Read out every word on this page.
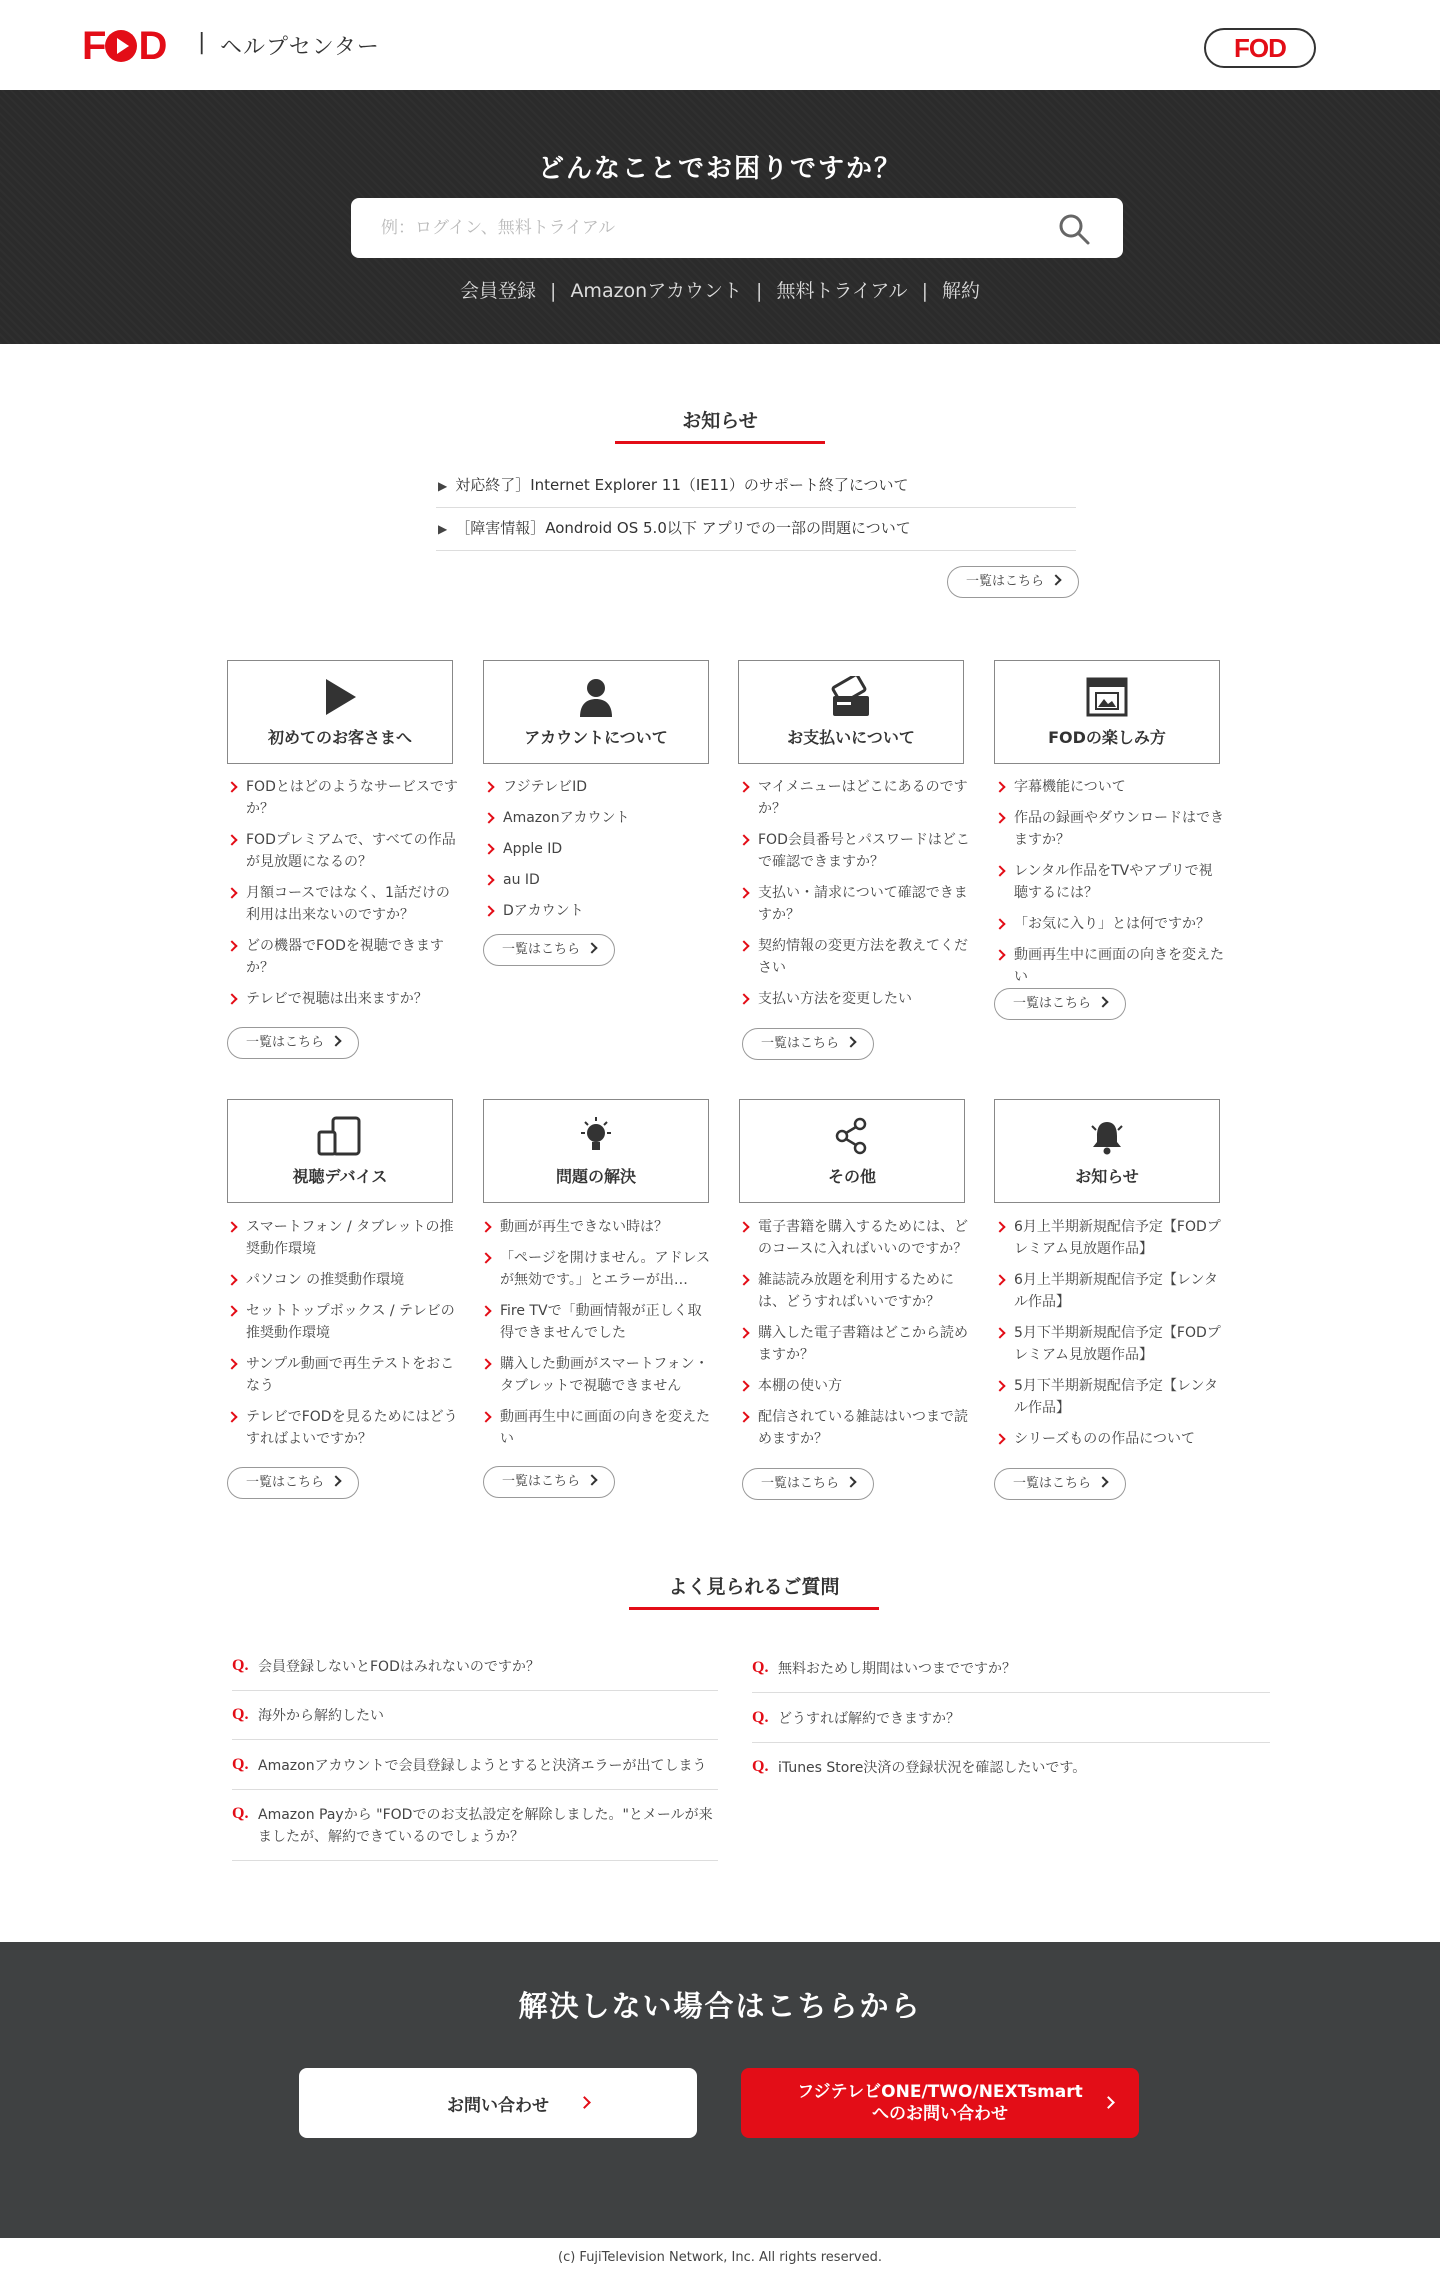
F D | ヘルプセンター	FOD
どんなことでお困りですか？
例：ログイン、無料トライアル
会員登録 | Amazonアカウント | 無料トライアル | 解約
お知らせ
▶ 対応終了］Internet Explorer 11（IE11）のサポート終了について
▶ ［障害情報］Aondroid OS 5.0以下 アプリでの一部の問題について
一覧はこちら
初めてのお客さまへ	アカウントについて	お支払いについて	FODの楽しみ方
FODとはどのようなサービスですか？
FODプレミアムで、すべての作品が見放題になるの？
月額コースではなく、1話だけの利用は出来ないのですか？
どの機器でFODを視聴できますか？
テレビで視聴は出来ますか？
フジテレビID
Amazonアカウント
Apple ID
au ID
Dアカウント
マイメニューはどこにあるのですか？
FOD会員番号とパスワードはどこで確認できますか？
支払い・請求について確認できますか？
契約情報の変更方法を教えてください
支払い方法を変更したい
字幕機能について
作品の録画やダウンロードはできますか？
レンタル作品をTVやアプリで視聴するには？
「お気に入り」とは何ですか？
動画再生中に画面の向きを変えたい
一覧はこちら
一覧はこちら
一覧はこちら
一覧はこちら
視聴デバイス	問題の解決	その他	お知らせ
スマートフォン / タブレットの推奨動作環境
パソコン の推奨動作環境
セットトップボックス / テレビの推奨動作環境
サンプル動画で再生テストをおこなう
テレビでFODを見るためにはどうすればよいですか？
動画が再生できない時は？
「ページを開けません。アドレスが無効です。」とエラーが出…
Fire TVで「動画情報が正しく取得できませんでした
購入した動画がスマートフォン・タブレットで視聴できません
動画再生中に画面の向きを変えたい
電子書籍を購入するためには、どのコースに入ればいいのですか？
雑誌読み放題を利用するためには、どうすればいいですか？
購入した電子書籍はどこから読めますか？
本棚の使い方
配信されている雑誌はいつまで読めますか？
6月上半期新規配信予定【FODプレミアム見放題作品】
6月上半期新規配信予定【レンタル作品】
5月下半期新規配信予定【FODプレミアム見放題作品】
5月下半期新規配信予定【レンタル作品】
シリーズものの作品について
一覧はこちら	一覧はこちら	一覧はこちら	一覧はこちら
よく見られるご質問
Q. 会員登録しないとFODはみれないのですか？
Q. 海外から解約したい
Q. Amazonアカウントで会員登録しようとすると決済エラーが出てしまう
Q. Amazon Payから "FODでのお支払設定を解除しました。"とメールが来ましたが、解約できているのでしょうか？
Q. 無料おためし期間はいつまでですか？
Q. どうすれば解約できますか？
Q. iTunes Store決済の登録状況を確認したいです。
解決しない場合はこちらから
お問い合わせ
フジテレビONE/TWO/NEXTsmart
へのお問い合わせ
(c) FujiTelevision Network, Inc. All rights reserved.
